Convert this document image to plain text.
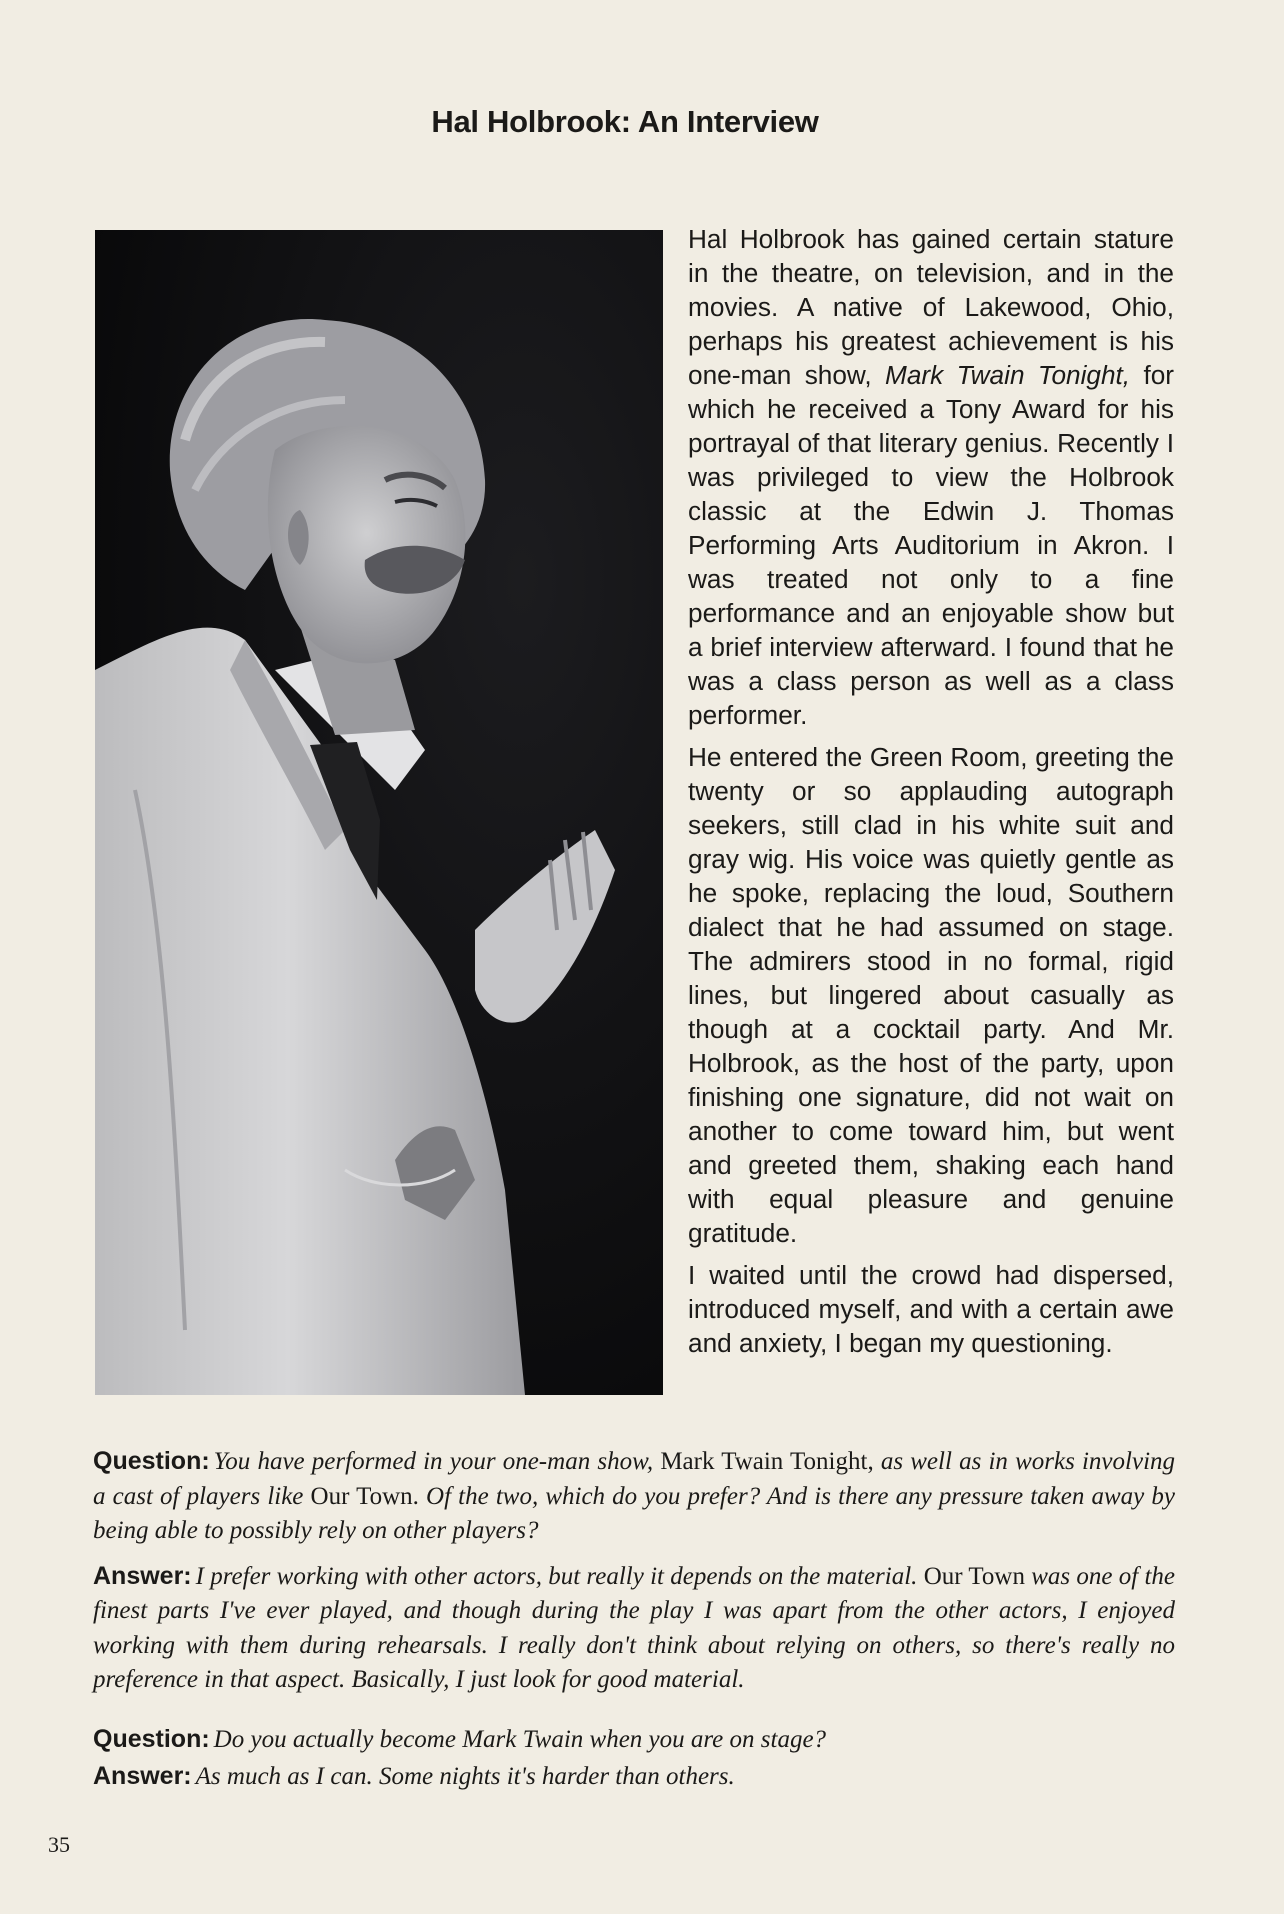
Hal Holbrook: An Interview

Hal Holbrook has gained certain stature in the theatre, on television, and in the movies. A native of Lakewood, Ohio, perhaps his greatest achievement is his one-man show, Mark Twain Tonight, for which he received a Tony Award for his portrayal of that literary genius. Recently I was privileged to view the Holbrook classic at the Edwin J. Thomas Performing Arts Auditorium in Akron. I was treated not only to a fine performance and an enjoyable show but a brief interview afterward. I found that he was a class person as well as a class performer.

He entered the Green Room, greeting the twenty or so applauding autograph seekers, still clad in his white suit and gray wig. His voice was quietly gentle as he spoke, replacing the loud, Southern dialect that he had assumed on stage. The admirers stood in no formal, rigid lines, but lingered about casually as though at a cocktail party. And Mr. Holbrook, as the host of the party, upon finishing one signature, did not wait on another to come toward him, but went and greeted them, shaking each hand with equal pleasure and genuine gratitude.

I waited until the crowd had dispersed, introduced myself, and with a certain awe and anxiety, I began my questioning.

Question: You have performed in your one-man show, Mark Twain Tonight, as well as in works involving a cast of players like Our Town. Of the two, which do you prefer? And is there any pressure taken away by being able to possibly rely on other players?

Answer: I prefer working with other actors, but really it depends on the material. Our Town was one of the finest parts I've ever played, and though during the play I was apart from the other actors, I enjoyed working with them during rehearsals. I really don't think about relying on others, so there's really no preference in that aspect. Basically, I just look for good material.

Question: Do you actually become Mark Twain when you are on stage?

Answer: As much as I can. Some nights it's harder than others.

35
